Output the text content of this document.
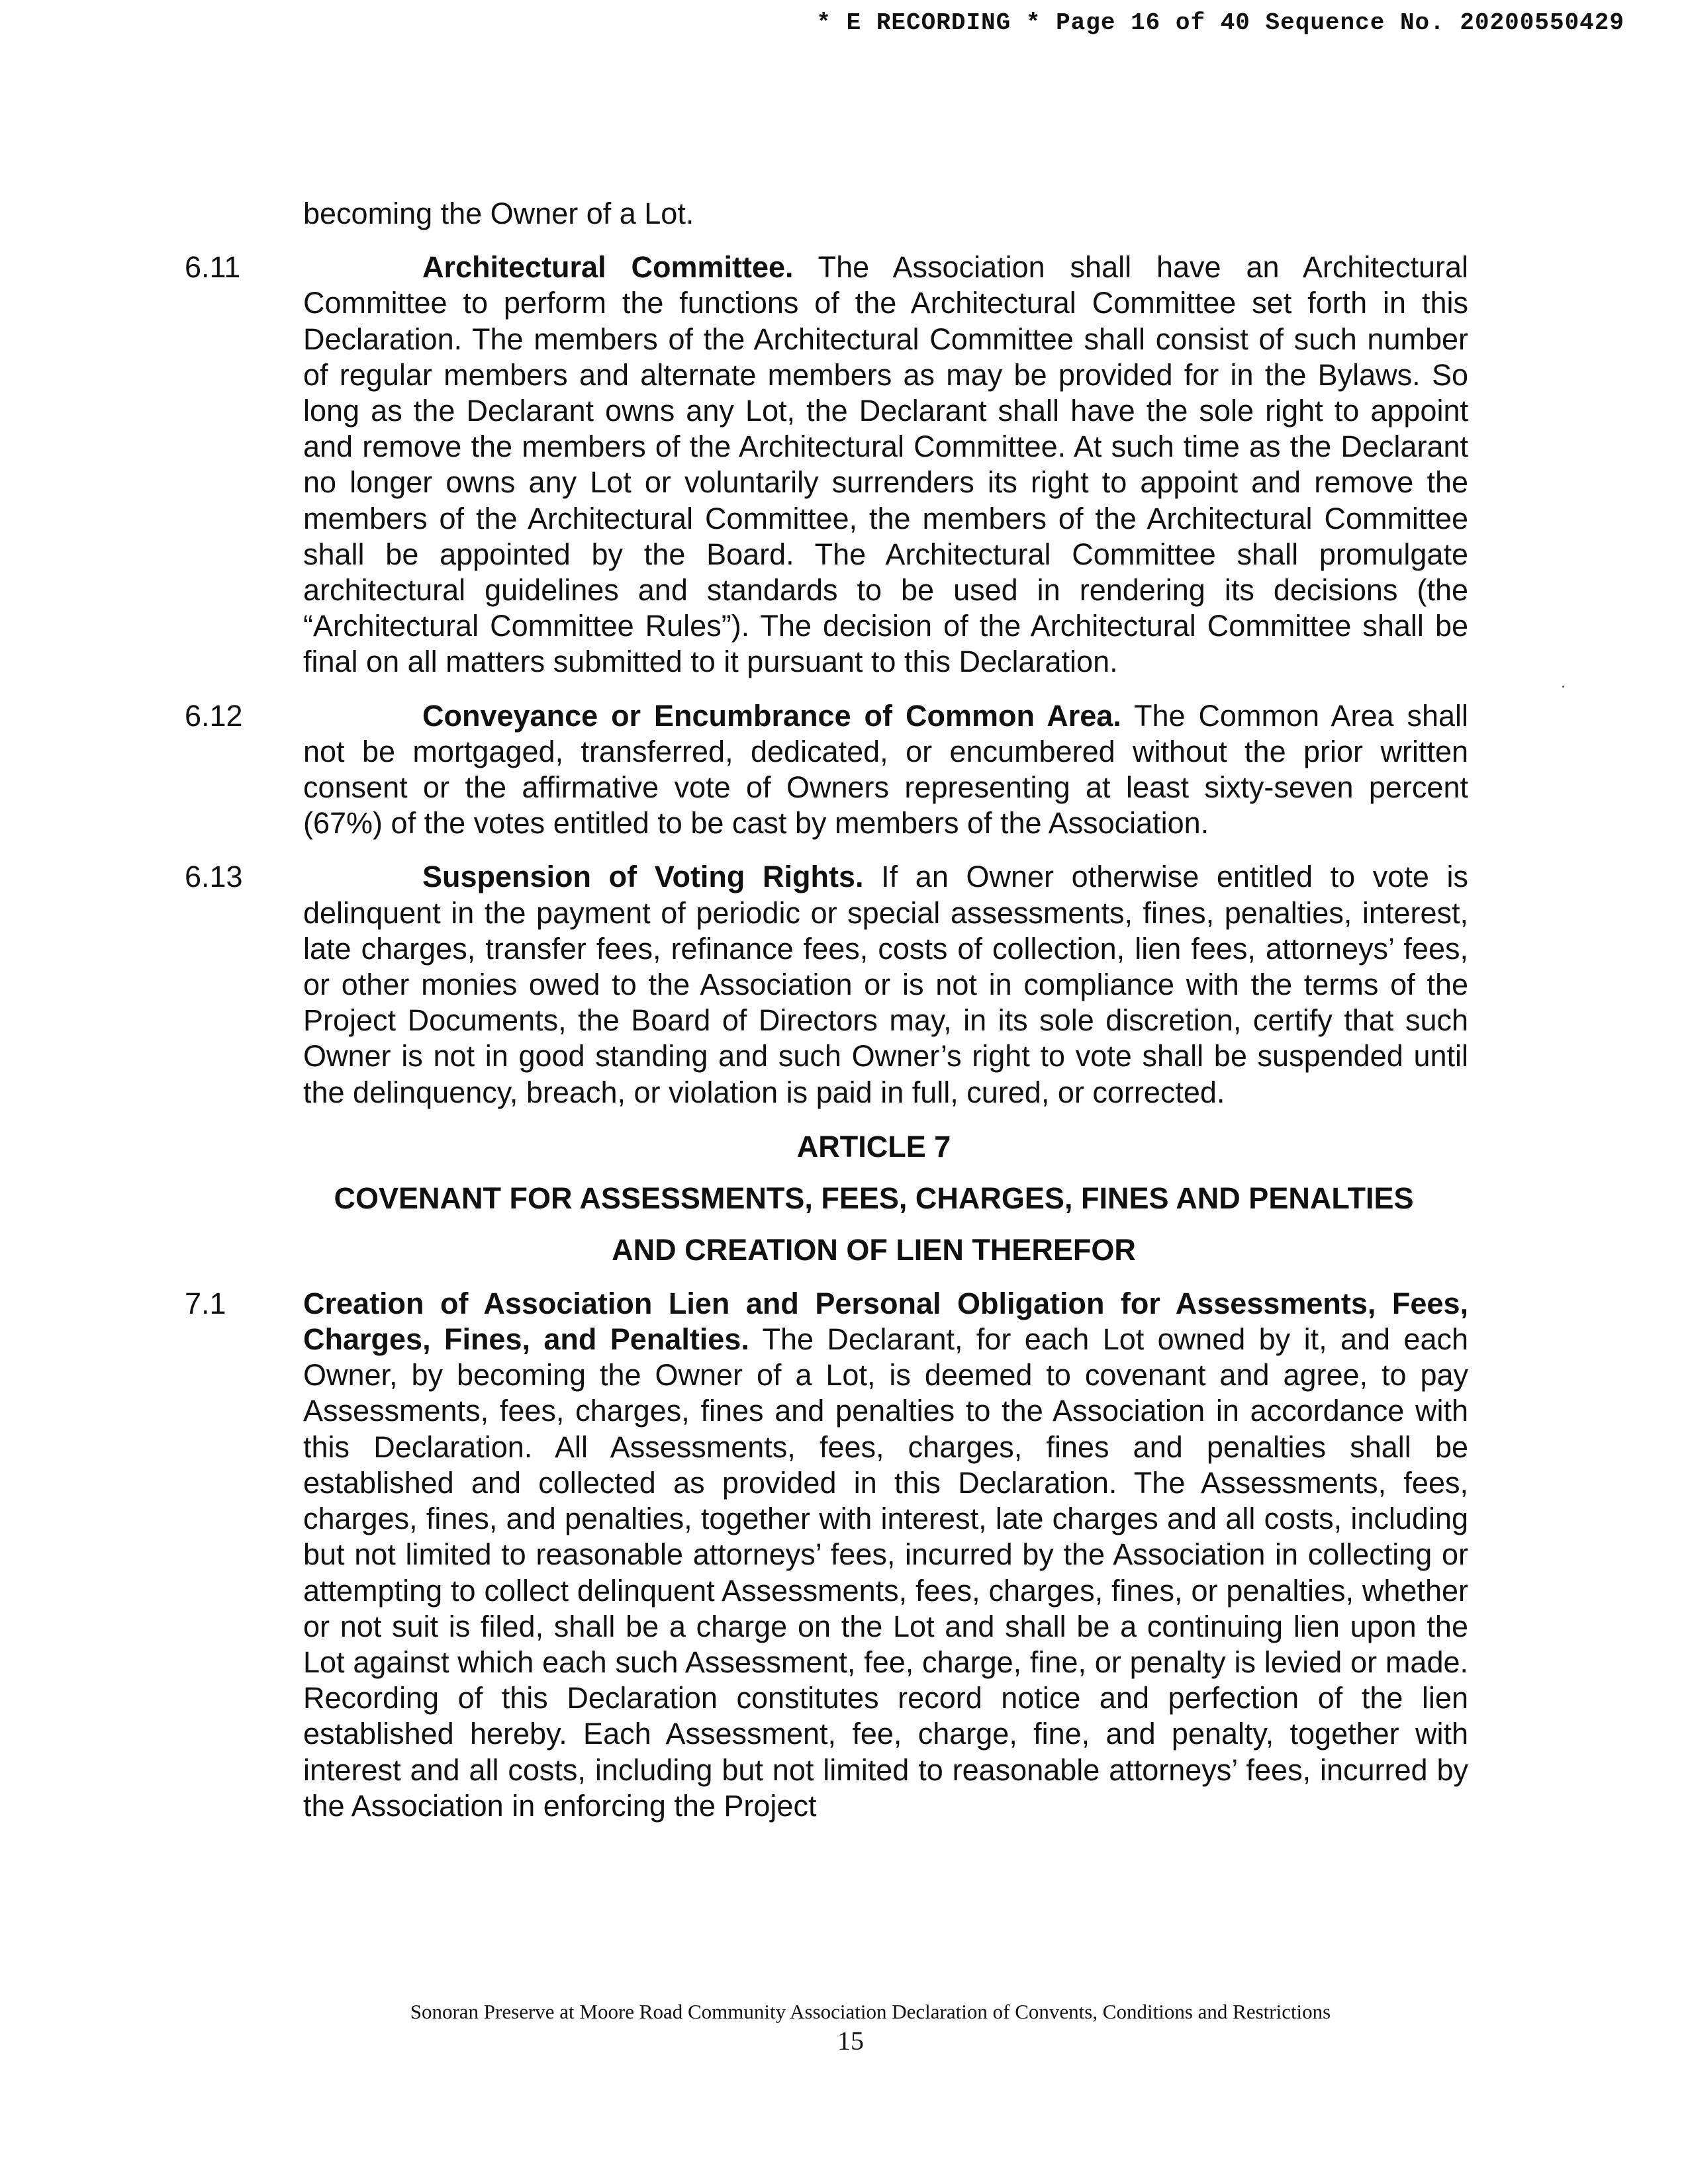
* E RECORDING * Page 16 of 40 Sequence No. 20200550429
becoming the Owner of a Lot.
6.11	Architectural Committee. The Association shall have an Architectural Committee to perform the functions of the Architectural Committee set forth in this Declaration. The members of the Architectural Committee shall consist of such number of regular members and alternate members as may be provided for in the Bylaws. So long as the Declarant owns any Lot, the Declarant shall have the sole right to appoint and remove the members of the Architectural Committee. At such time as the Declarant no longer owns any Lot or voluntarily surrenders its right to appoint and remove the members of the Architectural Committee, the members of the Architectural Committee shall be appointed by the Board. The Architectural Committee shall promulgate architectural guidelines and standards to be used in rendering its decisions (the “Architectural Committee Rules”). The decision of the Architectural Committee shall be final on all matters submitted to it pursuant to this Declaration.
6.12	Conveyance or Encumbrance of Common Area. The Common Area shall not be mortgaged, transferred, dedicated, or encumbered without the prior written consent or the affirmative vote of Owners representing at least sixty-seven percent (67%) of the votes entitled to be cast by members of the Association.
6.13	Suspension of Voting Rights. If an Owner otherwise entitled to vote is delinquent in the payment of periodic or special assessments, fines, penalties, interest, late charges, transfer fees, refinance fees, costs of collection, lien fees, attorneys’ fees, or other monies owed to the Association or is not in compliance with the terms of the Project Documents, the Board of Directors may, in its sole discretion, certify that such Owner is not in good standing and such Owner’s right to vote shall be suspended until the delinquency, breach, or violation is paid in full, cured, or corrected.

ARTICLE 7

COVENANT FOR ASSESSMENTS, FEES, CHARGES, FINES AND PENALTIES

AND CREATION OF LIEN THEREFOR

7.1	Creation of Association Lien and Personal Obligation for Assessments, Fees, Charges, Fines, and Penalties. The Declarant, for each Lot owned by it, and each Owner, by becoming the Owner of a Lot, is deemed to covenant and agree, to pay Assessments, fees, charges, fines and penalties to the Association in accordance with this Declaration. All Assessments, fees, charges, fines and penalties shall be established and collected as provided in this Declaration. The Assessments, fees, charges, fines, and penalties, together with interest, late charges and all costs, including but not limited to reasonable attorneys’ fees, incurred by the Association in collecting or attempting to collect delinquent Assessments, fees, charges, fines, or penalties, whether or not suit is filed, shall be a charge on the Lot and shall be a continuing lien upon the Lot against which each such Assessment, fee, charge, fine, or penalty is levied or made. Recording of this Declaration constitutes record notice and perfection of the lien established hereby. Each Assessment, fee, charge, fine, and penalty, together with interest and all costs, including but not limited to reasonable attorneys’ fees, incurred by the Association in enforcing the Project
Sonoran Preserve at Moore Road Community Association Declaration of Convents, Conditions and Restrictions
15
